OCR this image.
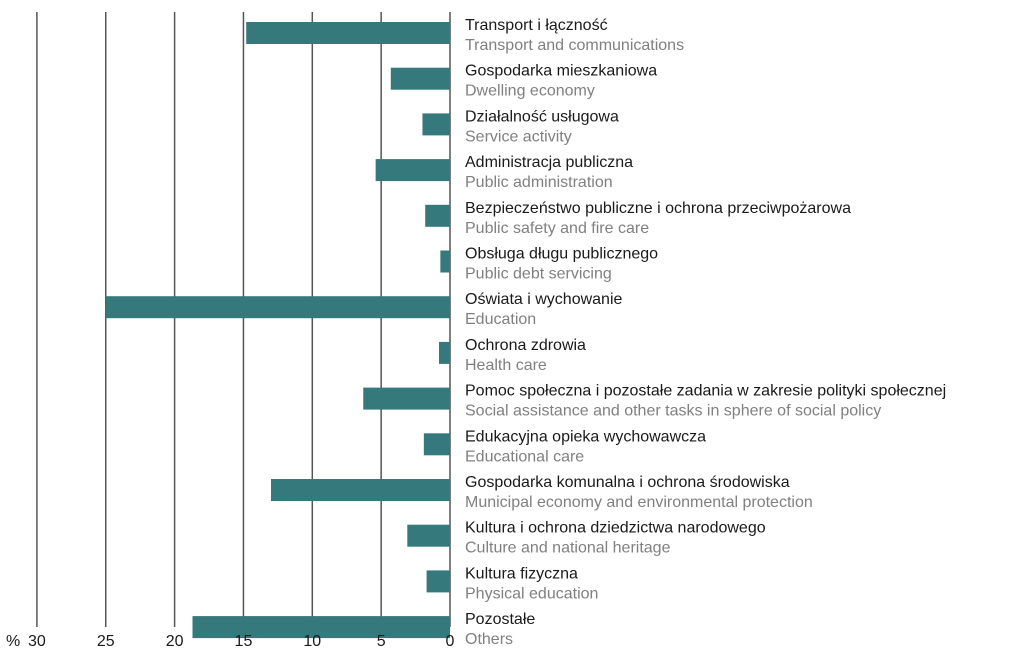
Transport i łączność
Transport and communications
Gospodarka mieszkaniowa
Dwelling economy
Działalność usługowa
Service activity
Administracja publiczna
Public administration
Bezpieczeństwo publiczne i ochrona przeciwpożarowa
Public safety and fire care
Obsługa długu publicznego
Public debt servicing
Oświata i wychowanie
Education
Ochrona zdrowia
Health care
Pomoc społeczna i pozostałe zadania w zakresie polityki społecznej
Social assistance and other tasks in sphere of social policy
Edukacyjna opieka wychowawcza
Educational care
Gospodarka komunalna i ochrona środowiska
Municipal economy and environmental protection
Kultura i ochrona dziedzictwa narodowego
Culture and national heritage
Kultura fizyczna
Physical education
Pozostałe
Others
% 30	25	20	15	10	5	0
